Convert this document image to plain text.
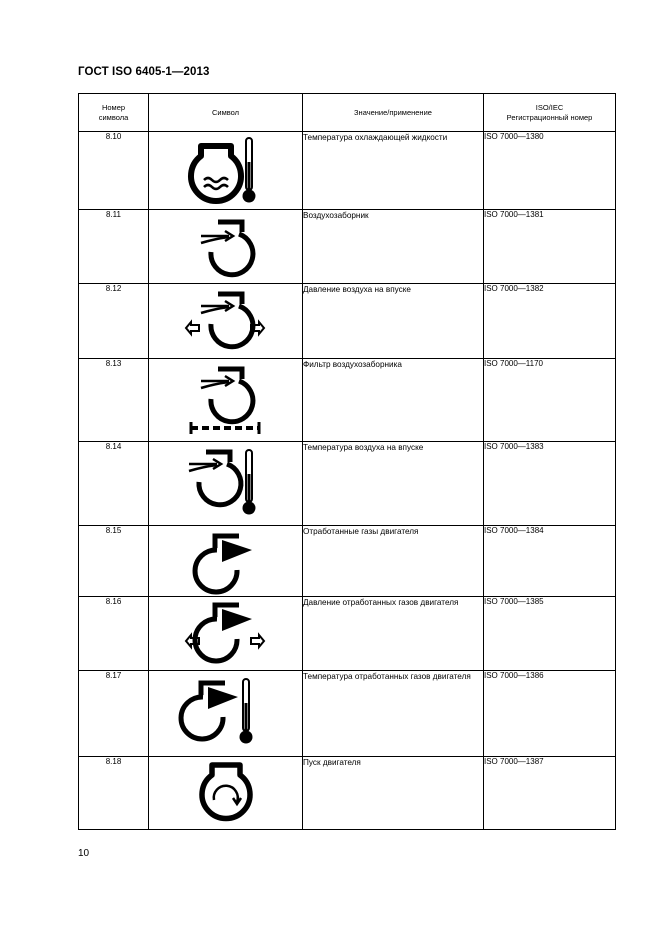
ГОСТ ISO 6405-1—2013
Номер символа	Символ	Значение/применение	ISO/IEC
Регистрационный номер

8.10		Температура охлаждающей жидкости	ISO 7000—1380
8.11		Воздухозаборник	ISO 7000—1381
8.12		Давление воздуха на впуске	ISO 7000—1382
8.13		Фильтр воздухозаборника	ISO 7000—1170
8.14		Температура воздуха на впуске	ISO 7000—1383
8.15		Отработанные газы двигателя	ISO 7000—1384
8.16		Давление отработанных газов двигателя	ISO 7000—1385
8.17		Температура отработанных газов двигателя	ISO 7000—1386
8.18		Пуск двигателя	ISO 7000—1387
10
